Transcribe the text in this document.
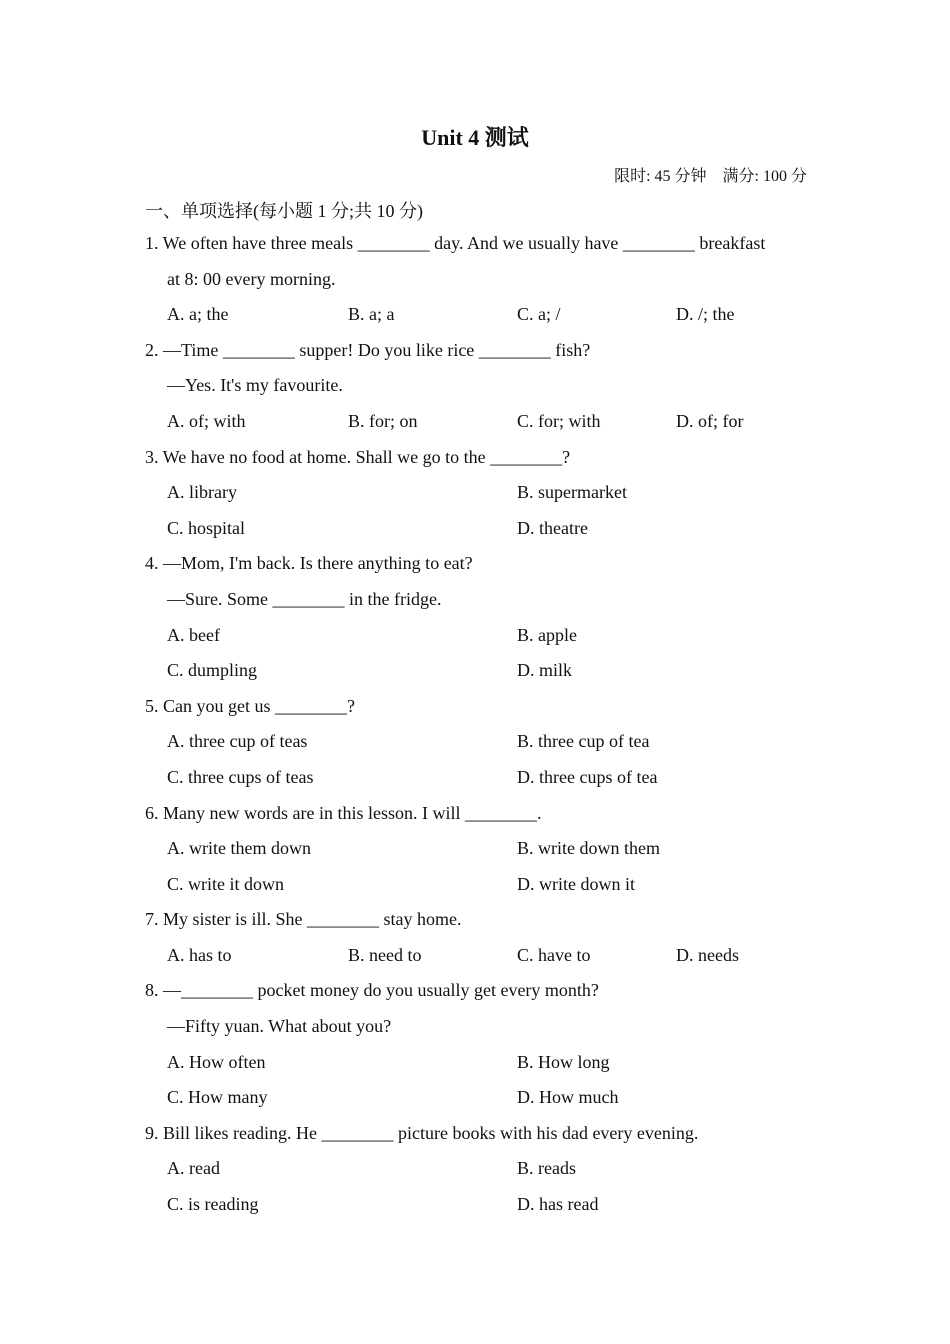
Unit 4 测试
限时: 45 分钟 满分: 100 分
一、单项选择(每小题 1 分;共 10 分)
1. We often have three meals ________ day. And we usually have ________ breakfast
at 8: 00 every morning.
A. a; the	B. a; a	C. a; /	D. /; the
2. —Time ________ supper! Do you like rice ________ fish?
—Yes. It's my favourite.
A. of; with	B. for; on	C. for; with	D. of; for
3. We have no food at home. Shall we go to the ________?
A. library	B. supermarket
C. hospital	D. theatre
4. —Mom, I'm back. Is there anything to eat?
—Sure. Some ________ in the fridge.
A. beef	B. apple
C. dumpling	D. milk
5. Can you get us ________?
A. three cup of teas	B. three cup of tea
C. three cups of teas	D. three cups of tea
6. Many new words are in this lesson. I will ________.
A. write them down	B. write down them
C. write it down	D. write down it
7. My sister is ill. She ________ stay home.
A. has to	B. need to	C. have to	D. needs
8. —________ pocket money do you usually get every month?
—Fifty yuan. What about you?
A. How often	B. How long
C. How many	D. How much
9. Bill likes reading. He ________ picture books with his dad every evening.
A. read	B. reads
C. is reading	D. has read
